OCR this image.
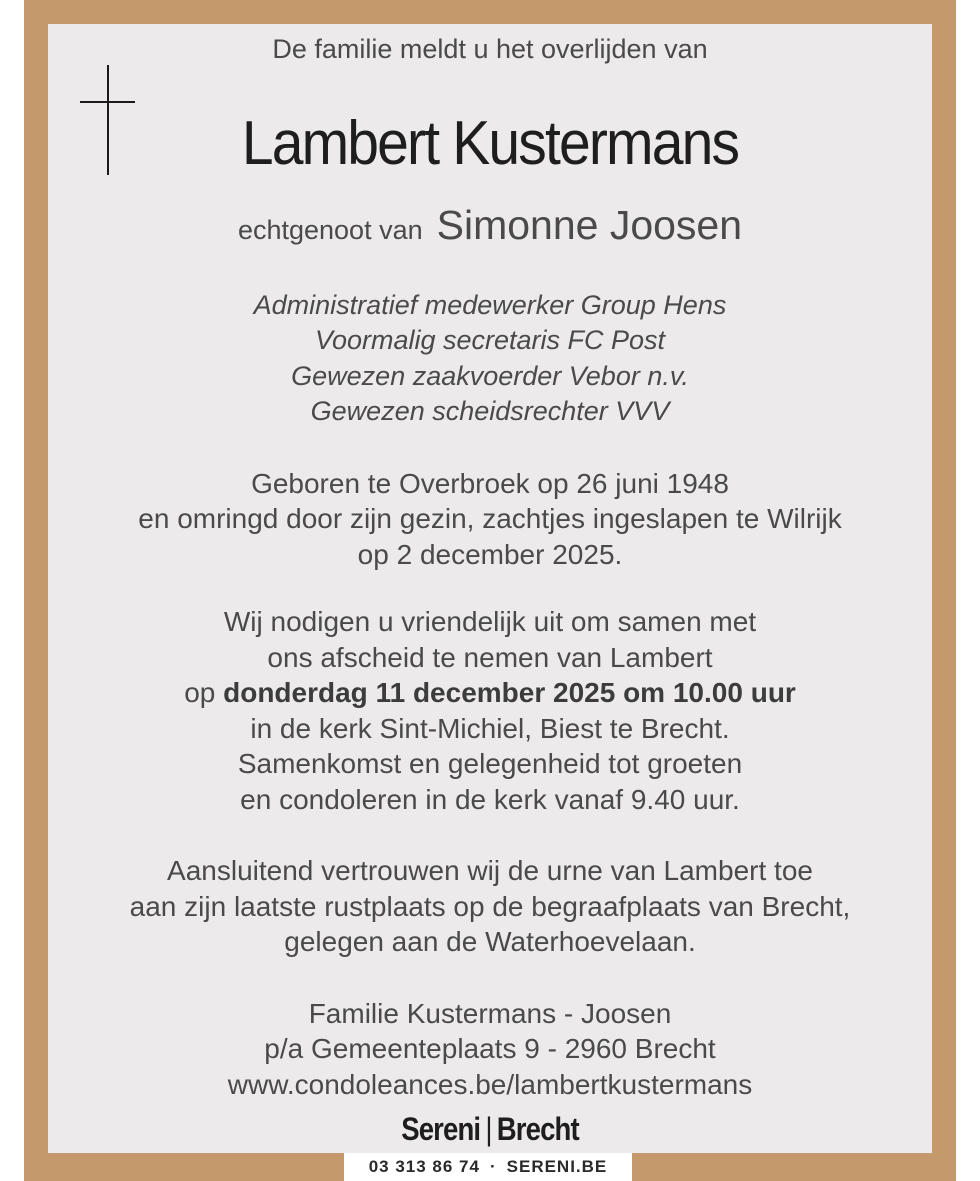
De familie meldt u het overlijden van
Lambert Kustermans
echtgenoot van Simonne Joosen
Administratief medewerker Group Hens
Voormalig secretaris FC Post
Gewezen zaakvoerder Vebor n.v.
Gewezen scheidsrechter VVV
Geboren te Overbroek op 26 juni 1948
en omringd door zijn gezin, zachtjes ingeslapen te Wilrijk
op 2 december 2025.
Wij nodigen u vriendelijk uit om samen met
ons afscheid te nemen van Lambert
op donderdag 11 december 2025 om 10.00 uur
in de kerk Sint-Michiel, Biest te Brecht.
Samenkomst en gelegenheid tot groeten
en condoleren in de kerk vanaf 9.40 uur.
Aansluitend vertrouwen wij de urne van Lambert toe
aan zijn laatste rustplaats op de begraafplaats van Brecht,
gelegen aan de Waterhoevelaan.
Familie Kustermans - Joosen
p/a Gemeenteplaats 9 - 2960 Brecht
www.condoleances.be/lambertkustermans
Sereni | Brecht
03 313 86 74 · SERENI.BE
